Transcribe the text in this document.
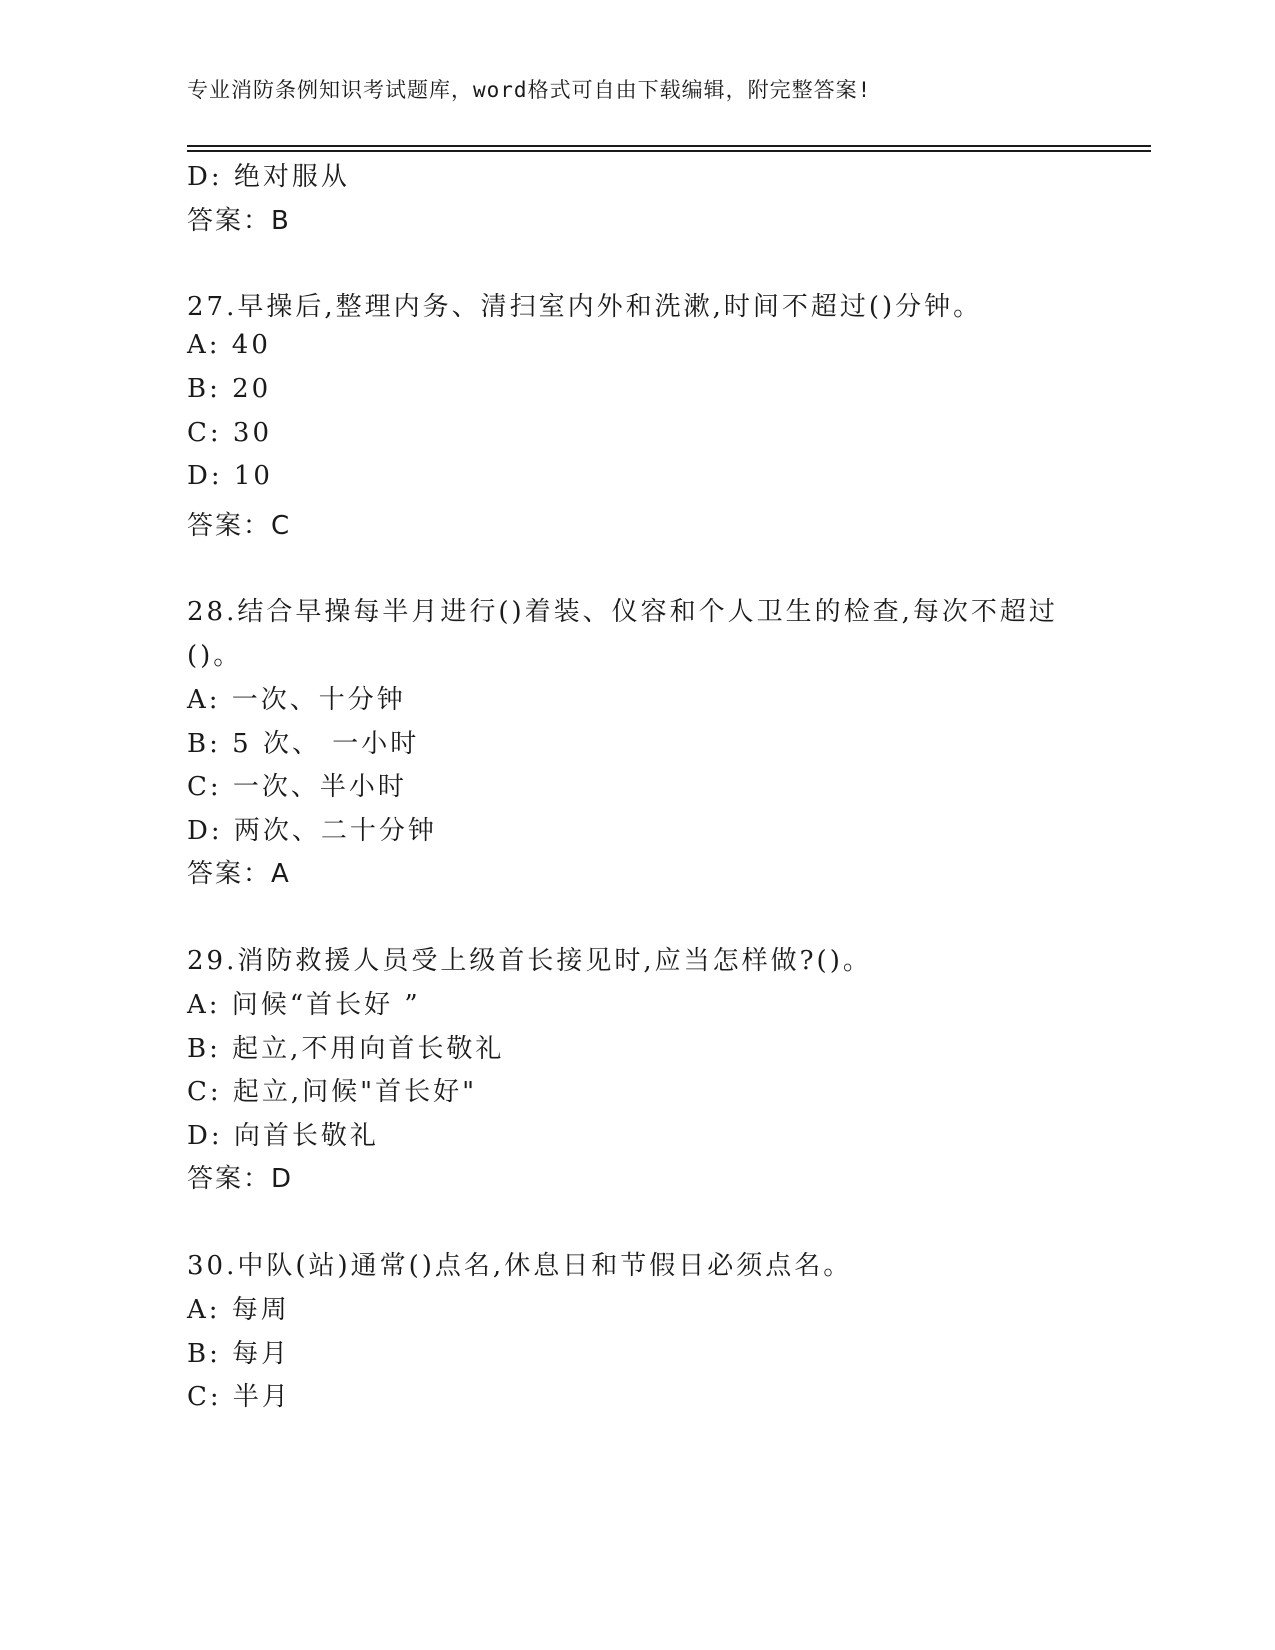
专业消防条例知识考试题库，word格式可自由下载编辑，附完整答案!
D: 绝对服从
答案：B
27.早操后,整理内务、清扫室内外和洗漱,时间不超过()分钟。
A: 40
B: 20
C: 30
D: 10
答案：C
28.结合早操每半月进行()着装、仪容和个人卫生的检查,每次不超过
()。
A: 一次、十分钟
B: 5 次、 一小时
C: 一次、半小时
D: 两次、二十分钟
答案：A
29.消防救援人员受上级首长接见时,应当怎样做?()。
A: 问候“首长好 ”
B: 起立,不用向首长敬礼
C: 起立,问候"首长好"
D: 向首长敬礼
答案：D
30.中队(站)通常()点名,休息日和节假日必须点名。
A: 每周
B: 每月
C: 半月
